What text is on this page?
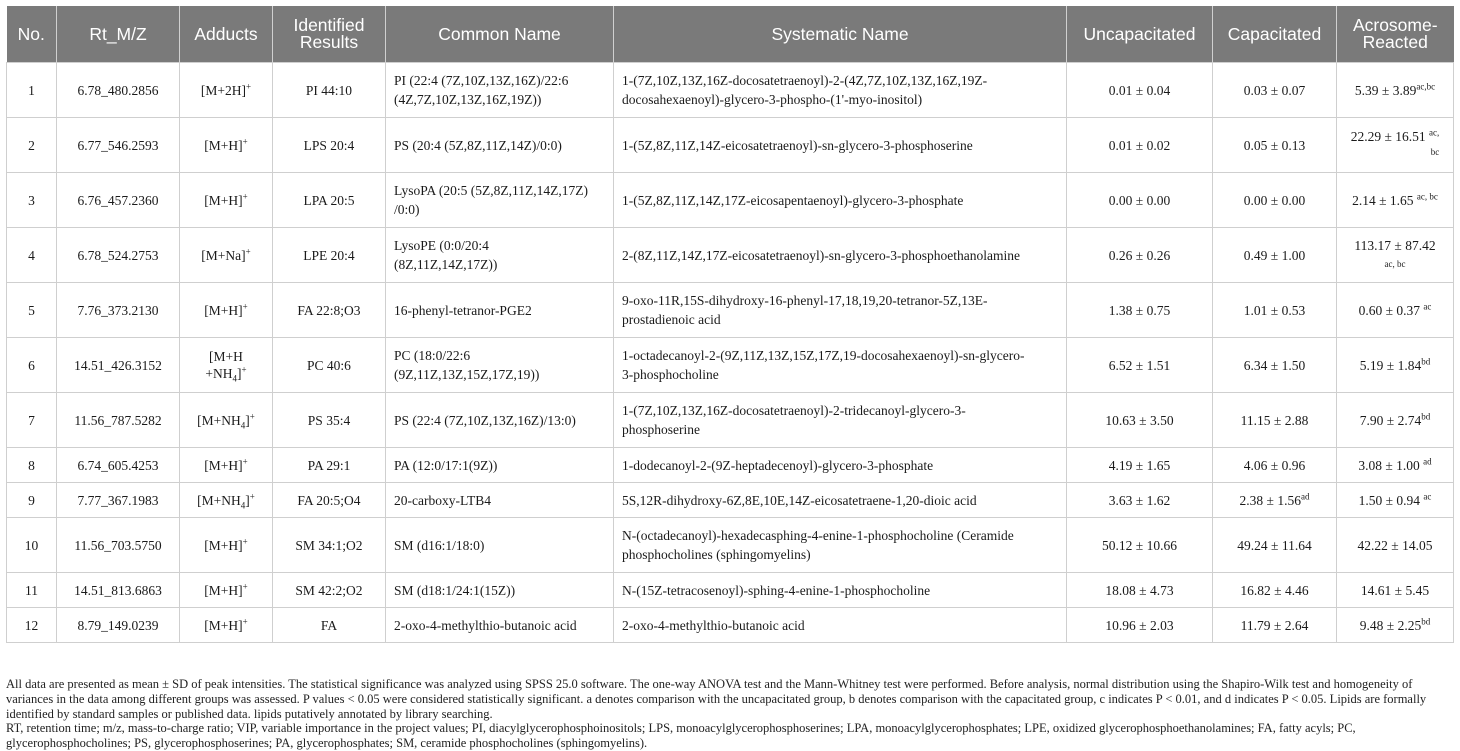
No.	Rt_M/Z	Adducts	Identified Results	Common Name	Systematic Name	Uncapacitated	Capacitated	Acrosome-Reacted
1	6.78_480.2856	[M+2H]+	PI 44:10	PI (22:4 (7Z,10Z,13Z,16Z)/22:6
(4Z,7Z,10Z,13Z,16Z,19Z))	1-(7Z,10Z,13Z,16Z-docosatetraenoyl)-2-(4Z,7Z,10Z,13Z,16Z,19Z-
docosahexaenoyl)-glycero-3-phospho-(1'-myo-inositol)	0.01 ± 0.04	0.03 ± 0.07	$5.39 \pm 3.89^{ac,bc}$
2	6.77_546.2593	[M+H]+	LPS 20:4	PS (20:4 (5Z,8Z,11Z,14Z)/0:0)	1-(5Z,8Z,11Z,14Z-eicosatetraenoyl)-sn-glycero-3-phosphoserine	0.01 ± 0.02	0.05 ± 0.13	22.29 ± 16.51 $^{ac,}$
bc
3	6.76_457.2360	[M+H]+	LPA 20:5	LysoPA (20:5 (5Z,8Z,11Z,14Z,17Z)
/0:0)	1-(5Z,8Z,11Z,14Z,17Z-eicosapentaenoyl)-glycero-3-phosphate	0.00 ± 0.00	0.00 ± 0.00	2.14 ± 1.65 $^{ac, bc}$
4	6.78_524.2753	[M+Na]+	LPE 20:4	LysoPE (0:0/20:4
(8Z,11Z,14Z,17Z))	2-(8Z,11Z,14Z,17Z-eicosatetraenoyl)-sn-glycero-3-phosphoethanolamine	0.26 ± 0.26	0.49 ± 1.00	113.17 ± 87.42
ac, bc
5	7.76_373.2130	[M+H]+	FA 22:8;O3	16-phenyl-tetranor-PGE2	9-oxo-11R,15S-dihydroxy-16-phenyl-17,18,19,20-tetranor-5Z,13E-
prostadienoic acid	1.38 ± 0.75	1.01 ± 0.53	0.60 ± 0.37 $^{ac}$
6	14.51_426.3152	[M+H
$+NH_4]^+$	PC 40:6	PC (18:0/22:6
(9Z,11Z,13Z,15Z,17Z,19))	1-octadecanoyl-2-(9Z,11Z,13Z,15Z,17Z,19-docosahexaenoyl)-sn-glycero-
3-phosphocholine	6.52 ± 1.51	6.34 ± 1.50	5.19 ± 1.84$^{bd}$
7	11.56_787.5282	$[M+NH_4]^+$	PS 35:4	PS (22:4 (7Z,10Z,13Z,16Z)/13:0)	1-(7Z,10Z,13Z,16Z-docosatetraenoyl)-2-tridecanoyl-glycero-3-
phosphoserine	10.63 ± 3.50	11.15 ± 2.88	7.90 ± 2.74$^{bd}$
8	6.74_605.4253	[M+H]+	PA 29:1	PA (12:0/17:1(9Z))	1-dodecanoyl-2-(9Z-heptadecenoyl)-glycero-3-phosphate	4.19 ± 1.65	4.06 ± 0.96	3.08 ± 1.00 $^{ad}$
9	7.77_367.1983	$[M+NH_4]^+$	FA 20:5;O4	20-carboxy-LTB4	5S,12R-dihydroxy-6Z,8E,10E,14Z-eicosatetraene-1,20-dioic acid	3.63 ± 1.62	2.38 ± 1.56$^{ad}$	1.50 ± 0.94 $^{ac}$
10	11.56_703.5750	[M+H]+	SM 34:1;O2	SM (d16:1/18:0)	N-(octadecanoyl)-hexadecasphing-4-enine-1-phosphocholine (Ceramide
phosphocholines (sphingomyelins)	50.12 ± 10.66	49.24 ± 11.64	42.22 ± 14.05
11	14.51_813.6863	[M+H]+	SM 42:2;O2	SM (d18:1/24:1(15Z))	N-(15Z-tetracosenoyl)-sphing-4-enine-1-phosphocholine	18.08 ± 4.73	16.82 ± 4.46	14.61 ± 5.45
12	8.79_149.0239	[M+H]+	FA	2-oxo-4-methylthio-butanoic acid	2-oxo-4-methylthio-butanoic acid	10.96 ± 2.03	11.79 ± 2.64	9.48 ± 2.25$^{bd}$

All data are presented as mean ± SD of peak intensities. The statistical significance was analyzed using SPSS 25.0 software. The one-way ANOVA test and the Mann-Whitney test were performed. Before analysis, normal distribution using the Shapiro-Wilk test and homogeneity of variances in the data among different groups was assessed. P values < 0.05 were considered statistically significant. a denotes comparison with the uncapacitated group, b denotes comparison with the capacitated group, c indicates P < 0.01, and d indicates P < 0.05. Lipids are formally identified by standard samples or published data. lipids putatively annotated by library searching.

RT, retention time; m/z, mass-to-charge ratio; VIP, variable importance in the project values; PI, diacylglycerophosphoinositols; LPS, monoacylglycerophosphoserines; LPA, monoacylglycerophosphates; LPE, oxidized glycerophosphoethanolamines; FA, fatty acyls; PC, glycerophosphocholines; PS, glycerophosphoserines; PA, glycerophosphates; SM, ceramide phosphocholines (sphingomyelins).
